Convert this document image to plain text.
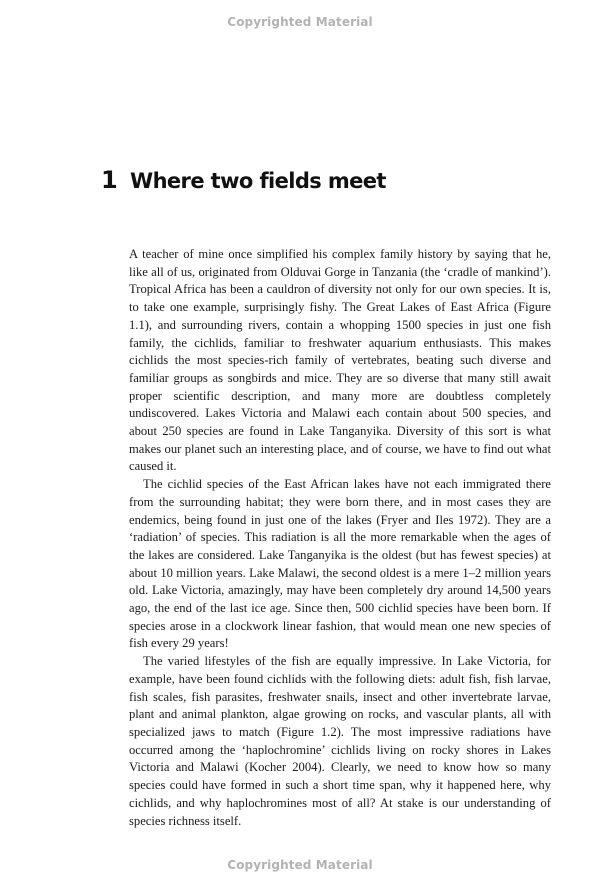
Copyrighted Material
1 Where two fields meet

A teacher of mine once simplified his complex family history by saying that he, like all of us, originated from Olduvai Gorge in Tanzania (the ‘cradle of mankind’). Tropical Africa has been a cauldron of diversity not only for our own species. It is, to take one example, surprisingly fishy. The Great Lakes of East Africa (Figure 1.1), and surrounding rivers, contain a whopping 1500 species in just one fish family, the cichlids, familiar to freshwater aquarium enthusiasts. This makes cichlids the most species-rich family of vertebrates, beating such diverse and familiar groups as songbirds and mice. They are so diverse that many still await proper scientific description, and many more are doubtless completely undiscovered. Lakes Victoria and Malawi each contain about 500 species, and about 250 species are found in Lake Tanganyika. Diversity of this sort is what makes our planet such an interesting place, and of course, we have to find out what caused it.

The cichlid species of the East African lakes have not each immigrated there from the surrounding habitat; they were born there, and in most cases they are endemics, being found in just one of the lakes (Fryer and Iles 1972). They are a ‘radiation’ of species. This radiation is all the more remarkable when the ages of the lakes are considered. Lake Tanganyika is the oldest (but has fewest species) at about 10 million years. Lake Malawi, the second oldest is a mere 1–2 million years old. Lake Victoria, amazingly, may have been completely dry around 14,500 years ago, the end of the last ice age. Since then, 500 cichlid species have been born. If species arose in a clockwork linear fashion, that would mean one new species of fish every 29 years!

The varied lifestyles of the fish are equally impressive. In Lake Victoria, for example, have been found cichlids with the following diets: adult fish, fish larvae, fish scales, fish parasites, freshwater snails, insect and other invertebrate larvae, plant and animal plankton, algae growing on rocks, and vascular plants, all with specialized jaws to match (Figure 1.2). The most impressive radiations have occurred among the ‘haplochromine’ cichlids living on rocky shores in Lakes Victoria and Malawi (Kocher 2004). Clearly, we need to know how so many species could have formed in such a short time span, why it happened here, why cichlids, and why haplochromines most of all? At stake is our understanding of species richness itself.

Copyrighted Material
